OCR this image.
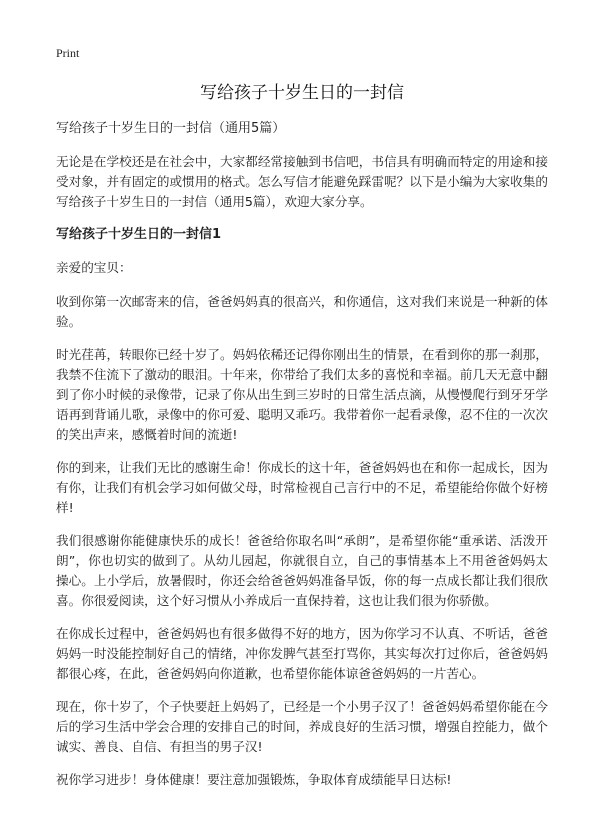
Print
写给孩子十岁生日的一封信
写给孩子十岁生日的一封信（通用5篇）

无论是在学校还是在社会中，大家都经常接触到书信吧，书信具有明确而特定的用途和接受对象，并有固定的或惯用的格式。怎么写信才能避免踩雷呢？以下是小编为大家收集的写给孩子十岁生日的一封信（通用5篇），欢迎大家分享。

写给孩子十岁生日的一封信1

亲爱的宝贝：

收到你第一次邮寄来的信，爸爸妈妈真的很高兴，和你通信，这对我们来说是一种新的体验。

时光荏苒，转眼你已经十岁了。妈妈依稀还记得你刚出生的情景，在看到你的那一刹那，我禁不住流下了激动的眼泪。十年来，你带给了我们太多的喜悦和幸福。前几天无意中翻到了你小时候的录像带，记录了你从出生到三岁时的日常生活点滴，从慢慢爬行到牙牙学语再到背诵儿歌，录像中的你可爱、聪明又乖巧。我带着你一起看录像，忍不住的一次次的笑出声来，感慨着时间的流逝!

你的到来，让我们无比的感谢生命！你成长的这十年，爸爸妈妈也在和你一起成长，因为有你，让我们有机会学习如何做父母，时常检视自己言行中的不足，希望能给你做个好榜样!

我们很感谢你能健康快乐的成长！爸爸给你取名叫“承朗”，是希望你能“重承诺、活泼开朗”，你也切实的做到了。从幼儿园起，你就很自立，自己的事情基本上不用爸爸妈妈太操心。上小学后，放暑假时，你还会给爸爸妈妈准备早饭，你的每一点成长都让我们很欣喜。你很爱阅读，这个好习惯从小养成后一直保持着，这也让我们很为你骄傲。

在你成长过程中，爸爸妈妈也有很多做得不好的地方，因为你学习不认真、不听话，爸爸妈妈一时没能控制好自己的情绪，冲你发脾气甚至打骂你，其实每次打过你后，爸爸妈妈都很心疼，在此，爸爸妈妈向你道歉，也希望你能体谅爸爸妈妈的一片苦心。

现在，你十岁了，个子快要赶上妈妈了，已经是一个小男子汉了！爸爸妈妈希望你能在今后的学习生活中学会合理的安排自己的时间，养成良好的生活习惯，增强自控能力，做个诚实、善良、自信、有担当的男子汉!

祝你学习进步！身体健康！要注意加强锻炼，争取体育成绩能早日达标!
